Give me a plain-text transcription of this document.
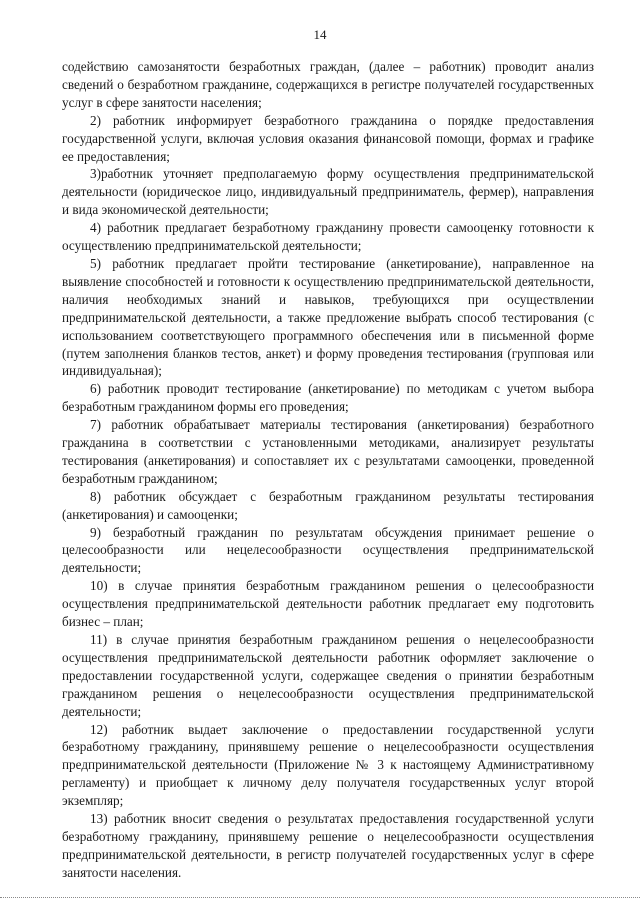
14

содействию самозанятости безработных граждан, (далее – работник) проводит анализ сведений о безработном гражданине, содержащихся в регистре получателей государственных услуг в сфере занятости населения;

2) работник информирует безработного гражданина о порядке предоставления государственной услуги, включая условия оказания финансовой помощи, формах и графике ее предоставления;

3)работник уточняет предполагаемую форму осуществления предпринимательской деятельности (юридическое лицо, индивидуальный предприниматель, фермер), направления и вида экономической деятельности;

4) работник предлагает безработному гражданину провести самооценку готовности к осуществлению предпринимательской деятельности;

5) работник предлагает пройти тестирование (анкетирование), направленное на выявление способностей и готовности к осуществлению предпринимательской деятельности, наличия необходимых знаний и навыков, требующихся при осуществлении предпринимательской деятельности, а также предложение выбрать способ тестирования (с использованием соответствующего программного обеспечения или в письменной форме (путем заполнения бланков тестов, анкет) и форму проведения тестирования (групповая или индивидуальная);

6) работник проводит тестирование (анкетирование) по методикам с учетом выбора безработным гражданином формы его проведения;

7) работник обрабатывает материалы тестирования (анкетирования) безработного гражданина в соответствии с установленными методиками, анализирует результаты тестирования (анкетирования) и сопоставляет их с результатами самооценки, проведенной безработным гражданином;

8) работник обсуждает с безработным гражданином результаты тестирования (анкетирования) и самооценки;

9) безработный гражданин по результатам обсуждения принимает решение о целесообразности или нецелесообразности осуществления предпринимательской деятельности;

10) в случае принятия безработным гражданином решения о целесообразности осуществления предпринимательской деятельности работник предлагает ему подготовить бизнес – план;

11) в случае принятия безработным гражданином решения о нецелесообразности осуществления предпринимательской деятельности работник оформляет заключение о предоставлении государственной услуги, содержащее сведения о принятии безработным гражданином решения о нецелесообразности осуществления предпринимательской деятельности;

12) работник выдает заключение о предоставлении государственной услуги безработному гражданину, принявшему решение о нецелесообразности осуществления предпринимательской деятельности (Приложение № 3 к настоящему Административному регламенту) и приобщает к личному делу получателя государственных услуг второй экземпляр;

13) работник вносит сведения о результатах предоставления государственной услуги безработному гражданину, принявшему решение о нецелесообразности осуществления предпринимательской деятельности, в регистр получателей государственных услуг в сфере занятости населения.
